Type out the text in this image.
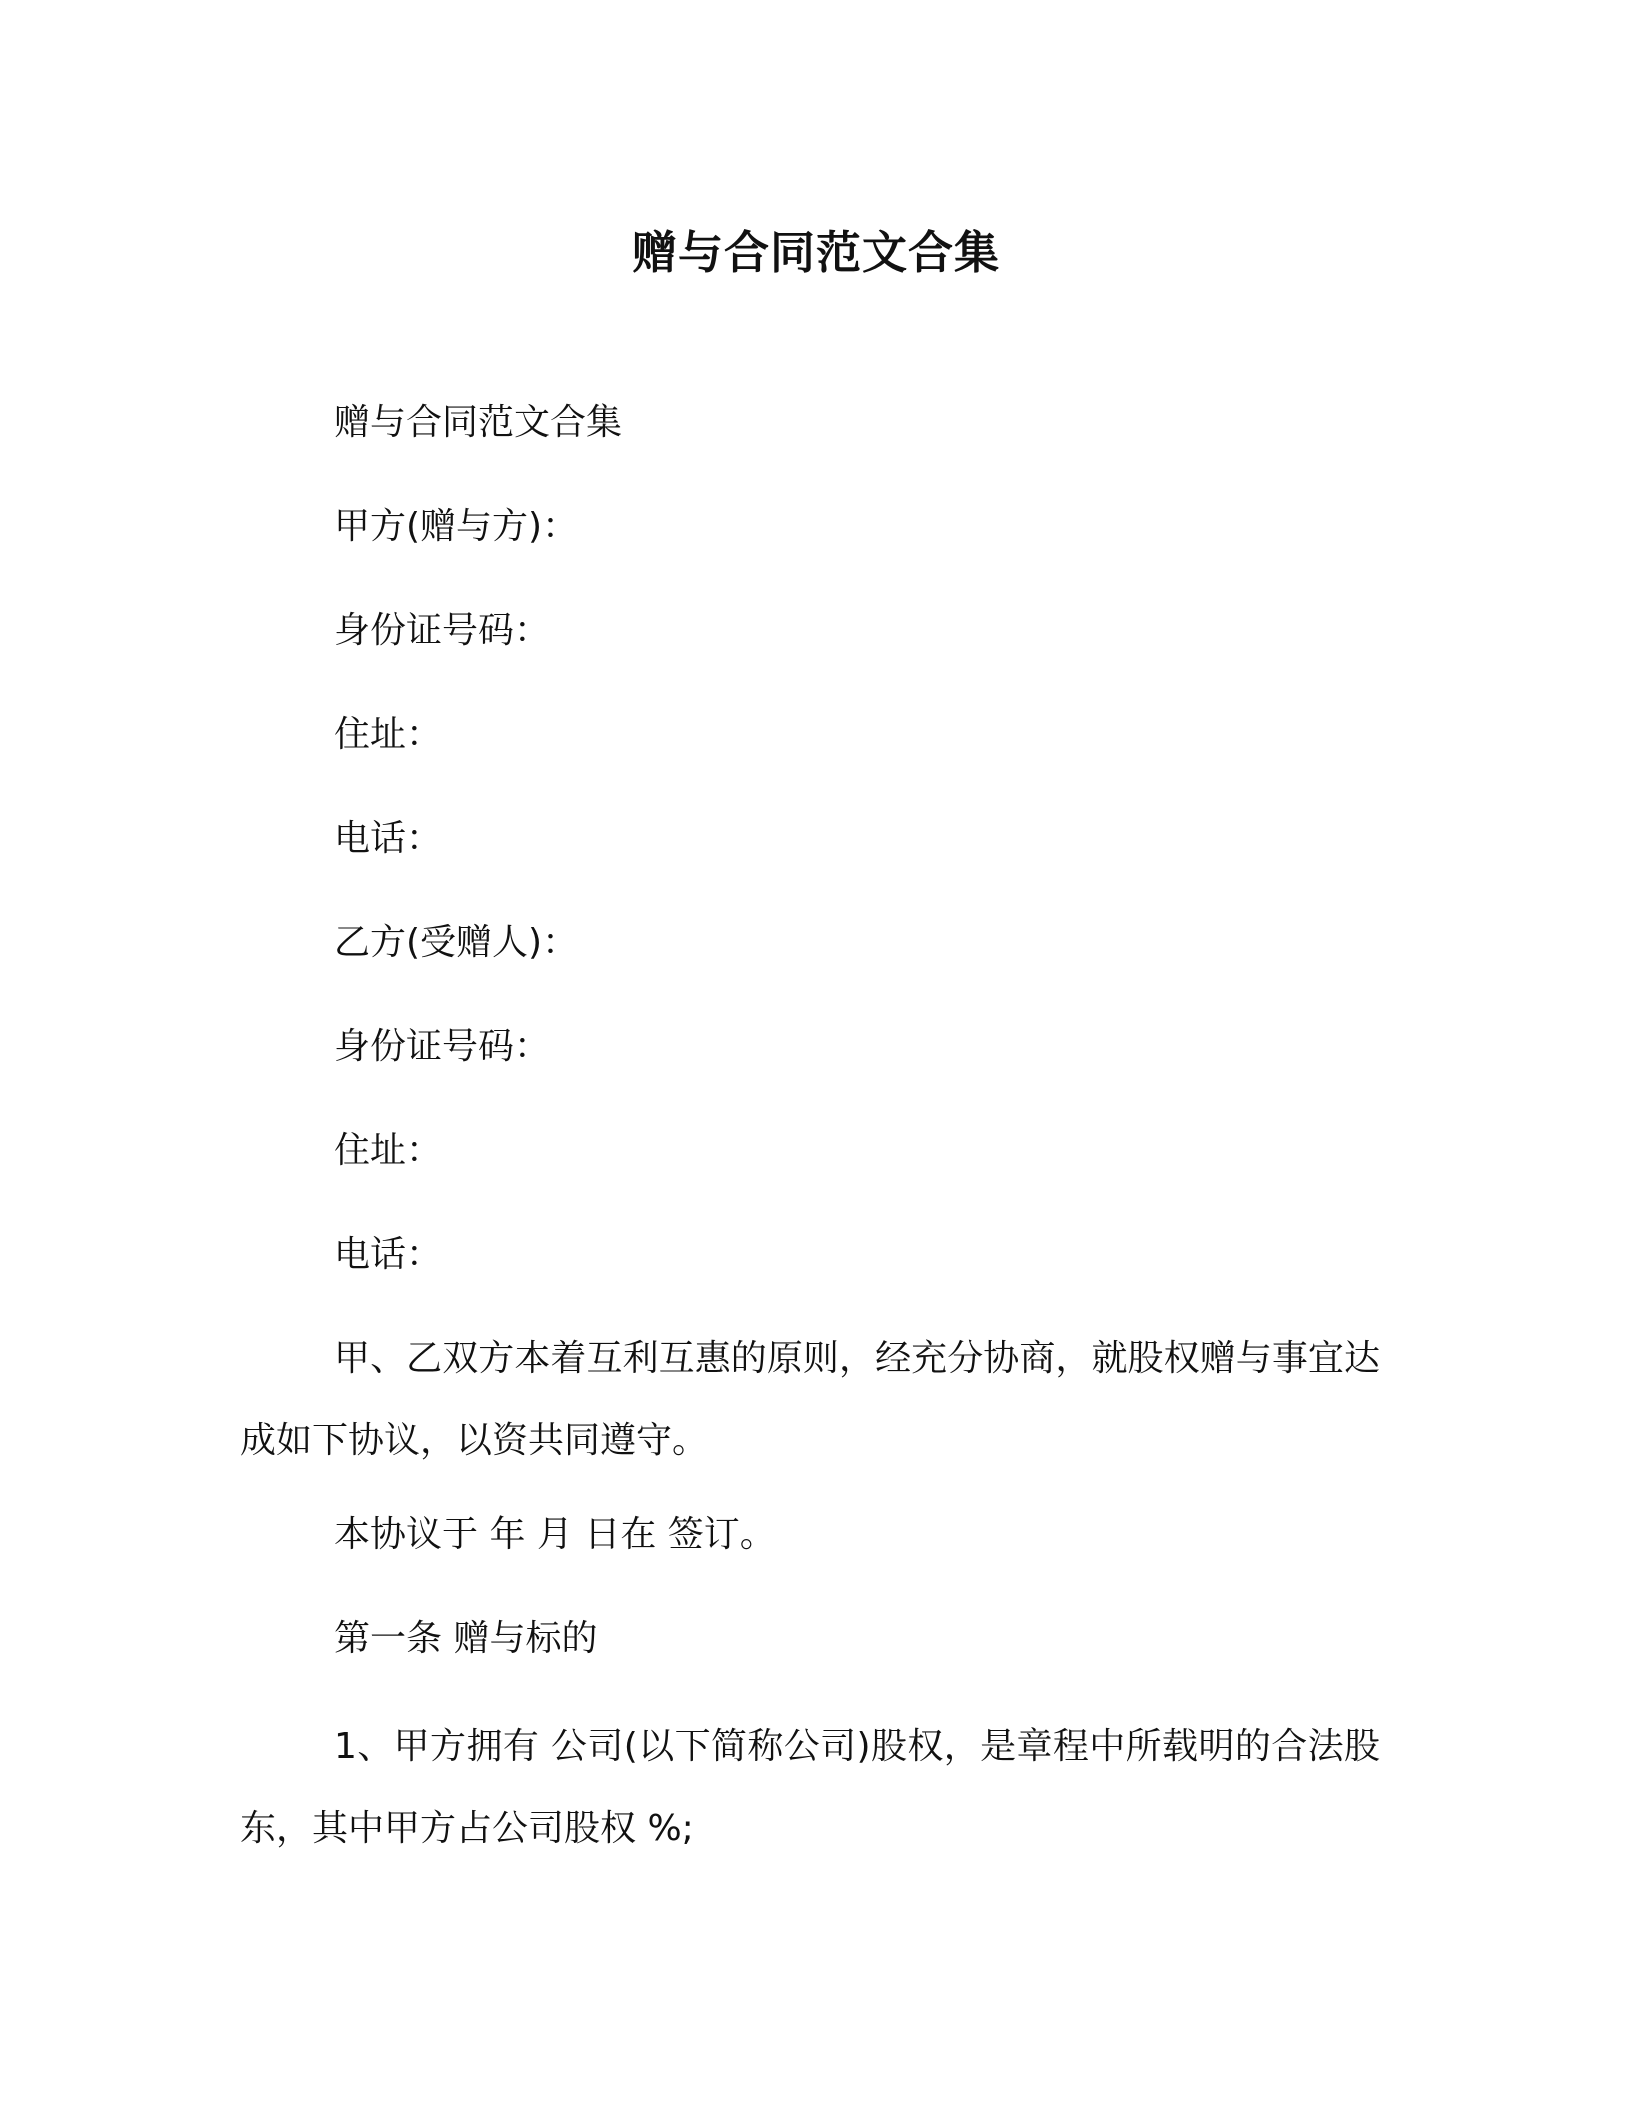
赠与合同范文合集
赠与合同范文合集
甲方(赠与方)：
身份证号码：
住址：
电话：
乙方(受赠人)：
身份证号码：
住址：
电话：
甲、乙双方本着互利互惠的原则，经充分协商，就股权赠与事宜达成如下协议，以资共同遵守。
本协议于 年 月 日在 签订。
第一条 赠与标的
1、甲方拥有 公司(以下简称公司)股权，是章程中所载明的合法股东，其中甲方占公司股权 %;
